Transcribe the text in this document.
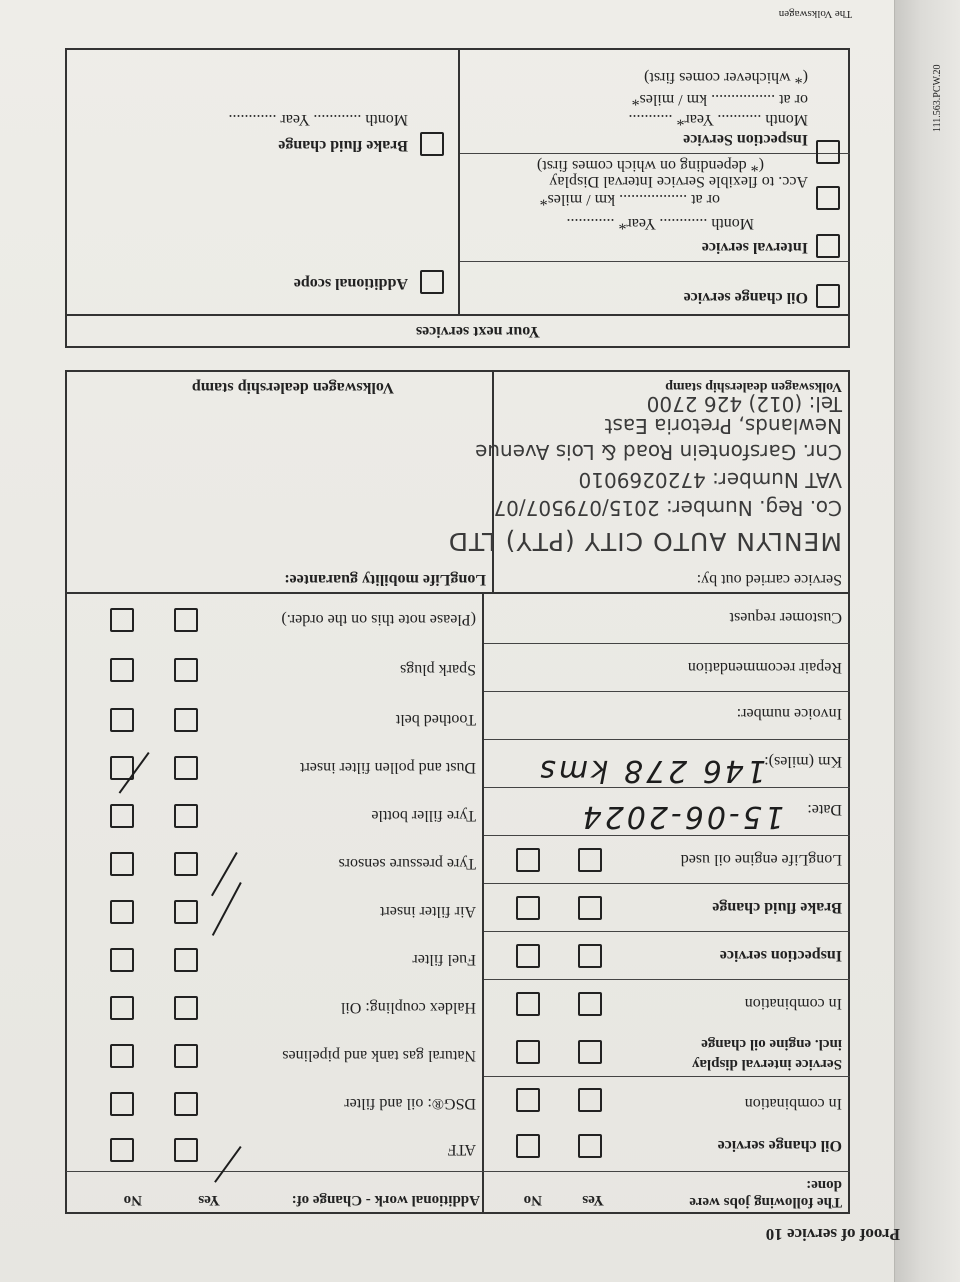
Proof of service 10
111.563.PCW.20
The Volkswagen
The following jobs were done:
Yes
No
Oil change service
In combination
Service interval display incl. engine oil change
In combination
Inspection service
Brake fluid change
LongLife engine oil used
Date:
15-06-2024
Km (miles):
146 278 kms
Invoice number:
Repair recommendation
Customer request
Additional work - Change of:
Yes
No
ATF
DSG®: oil and filter
Natural gas tank and pipelines
Haldex coupling: Oil
Fuel filter
Air filter insert
Tyre pressure sensors
Tyre filler bottle
Dust and pollen filter insert
Toothed belt
Spark plugs
(Please note this on the order.)
Service carried out by:
LongLife mobility guarantee:
Volkswagen dealership stamp
MENLYN AUTO CITY (PTY) LTD
Co. Reg. Number: 2015/079507/07
VAT Number: 4720269010
Cnr. Garsfontein Road & Lois Avenue
Newlands, Pretoria East
Tel: (012) 426 2700
Volkswagen dealership stamp
Your next services
Oil change service
Interval service
Month ............ Year* ............
Acc. to flexible Service Interval Display
or at ................. km / miles*
(* depending on which comes first)
Inspection Service
Month ........... Year* ...........
or at ................ km / miles*
(* whichever comes first)
Additional scope
Brake fluid change
Month ............ Year ............
